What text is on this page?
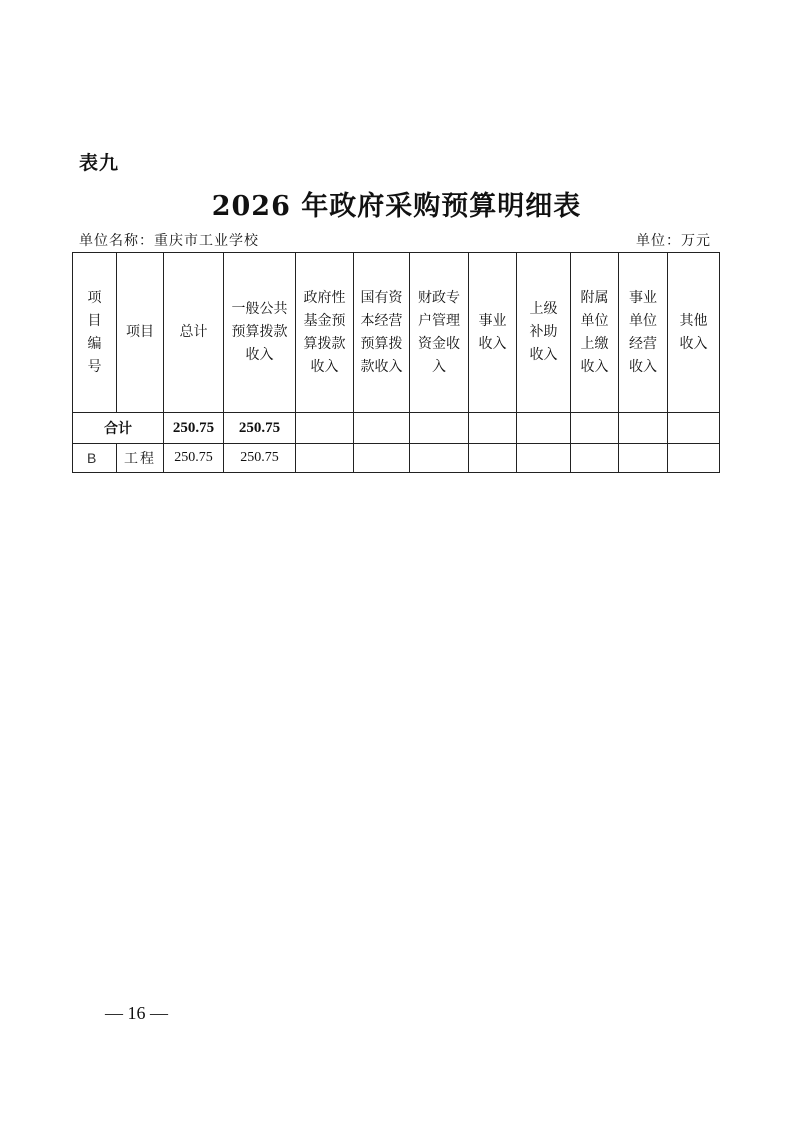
表九
2026 年政府采购预算明细表
单位名称：重庆市工业学校	单位：万元
项目编号	项目	总计	一般公共预算拨款收入	政府性基金预算拨款收入	国有资本经营预算拨款收入	财政专户管理资金收入	事业收入	上级补助收入	附属单位上缴收入	事业单位经营收入	其他收入
合计		250.75	250.75								
B	工程	250.75	250.75								
— 16 —
